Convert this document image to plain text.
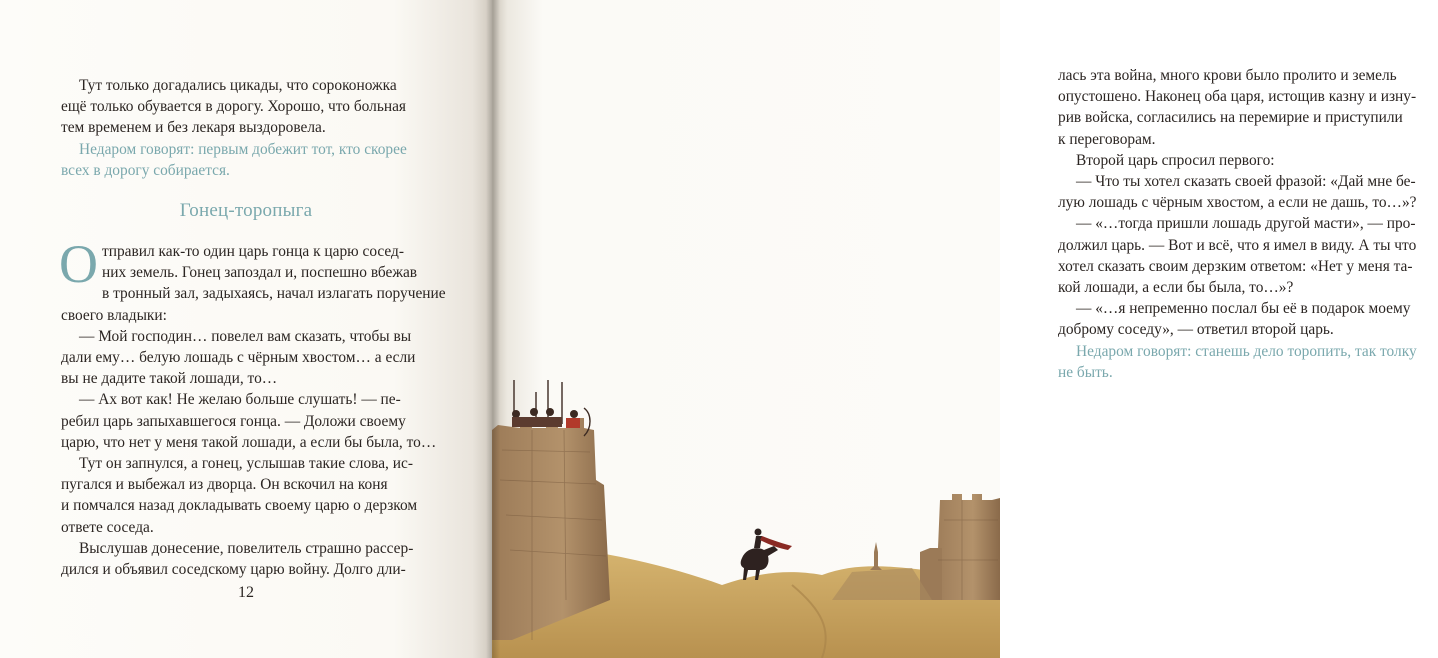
Тут только догадались цикады, что сороконожка
ещё только обувается в дорогу. Хорошо, что больная
тем временем и без лекаря выздоровела.
Недаром говорят: первым добежит тот, кто скорее
всех в дорогу собирается.
Гонец-торопыга
О тправил как-то один царь гонца к царю сосед-
них земель. Гонец запоздал и, поспешно вбежав
в тронный зал, задыхаясь, начал излагать поручение
своего владыки:
— Мой господин… повелел вам сказать, чтобы вы
дали ему… белую лошадь с чёрным хвостом… а если
вы не дадите такой лошади, то…
— Ах вот как! Не желаю больше слушать! — пе-
ребил царь запыхавшегося гонца. — Доложи своему
царю, что нет у меня такой лошади, а если бы была, то…
Тут он запнулся, а гонец, услышав такие слова, ис-
пугался и выбежал из дворца. Он вскочил на коня
и помчался назад докладывать своему царю о дерзком
ответе соседа.
Выслушав донесение, повелитель страшно рассер-
дился и объявил соседскому царю войну. Долго дли-
12
лась эта война, много крови было пролито и земель
опустошено. Наконец оба царя, истощив казну и изну-
рив войска, согласились на перемирие и приступили
к переговорам.
Второй царь спросил первого:
— Что ты хотел сказать своей фразой: «Дай мне бе-
лую лошадь с чёрным хвостом, а если не дашь, то…»?
— «…тогда пришли лошадь другой масти», — про-
должил царь. — Вот и всё, что я имел в виду. А ты что
хотел сказать своим дерзким ответом: «Нет у меня та-
кой лошади, а если бы была, то…»?
— «…я непременно послал бы её в подарок моему
доброму соседу», — ответил второй царь.
Недаром говорят: станешь дело торопить, так толку
не быть.
